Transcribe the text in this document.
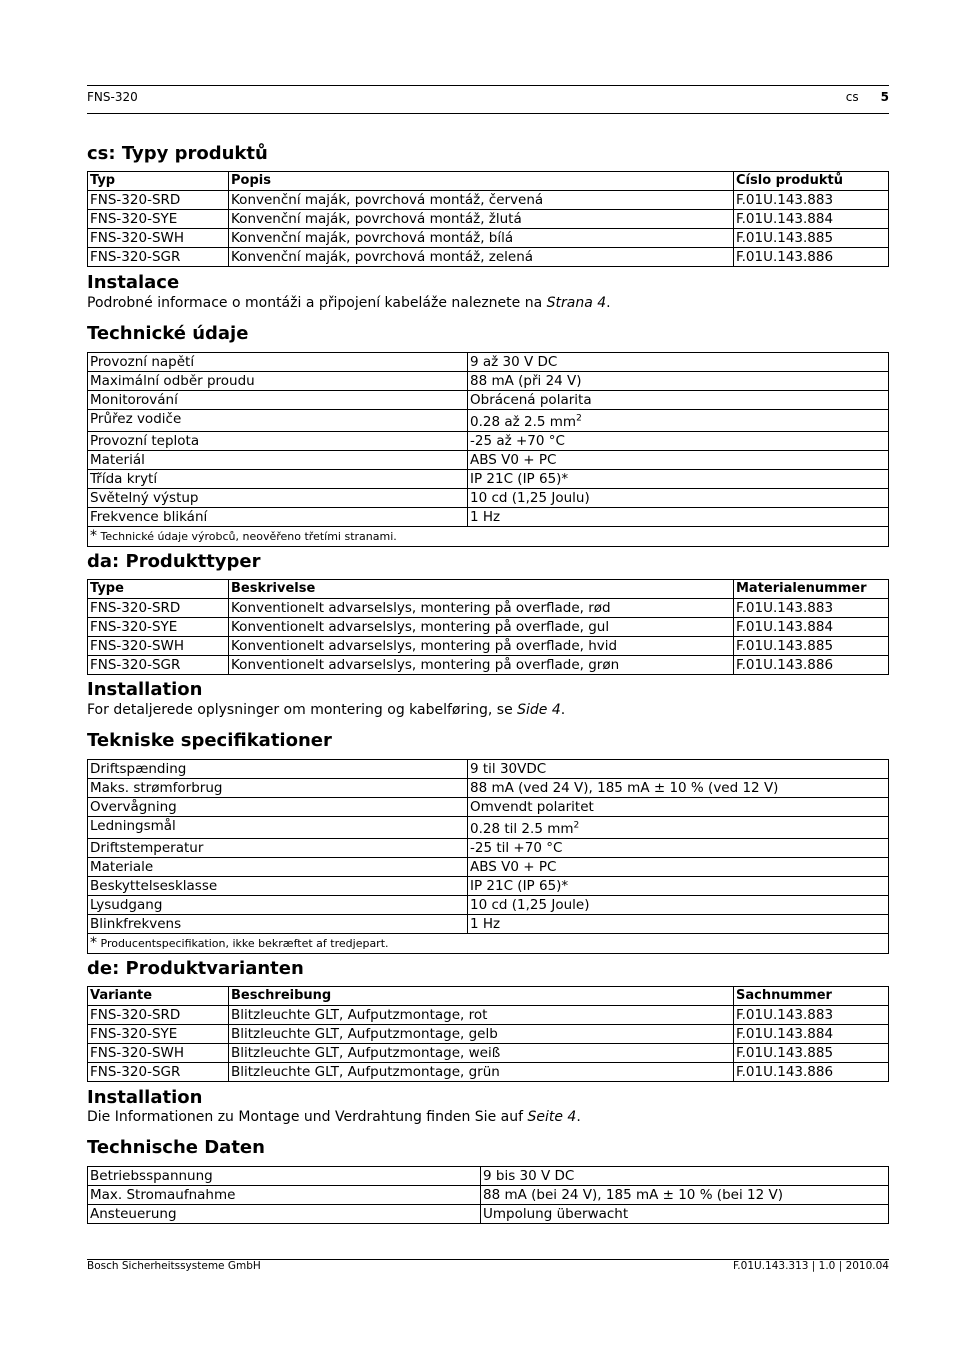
FNS-320	cs 5
cs: Typy produktů
Typ	Popis	Císlo produktů
FNS-320-SRD	Konvenční maják, povrchová montáž, červená	F.01U.143.883
FNS-320-SYE	Konvenční maják, povrchová montáž, žlutá	F.01U.143.884
FNS-320-SWH	Konvenční maják, povrchová montáž, bílá	F.01U.143.885
FNS-320-SGR	Konvenční maják, povrchová montáž, zelená	F.01U.143.886
Instalace

Podrobné informace o montáži a připojení kabeláže naleznete na Strana 4.

Technické údaje
Provozní napětí	9 až 30 V DC
Maximální odběr proudu	88 mA (při 24 V)
Monitorování	Obrácená polarita
Průřez vodiče	0.28 až 2.5 $mm^2$
Provozní teplota	-25 až +70 °C
Materiál	ABS V0 + PC
Třída krytí	IP 21C (IP 65)*
Světelný výstup	10 cd (1,25 Joulu)
Frekvence blikání	1 Hz
* Technické údaje výrobců, neověřeno třetími stranami.	
da: Produkttyper
Type	Beskrivelse	Materialenummer
FNS-320-SRD	Konventionelt advarselslys, montering på overflade, rød	F.01U.143.883
FNS-320-SYE	Konventionelt advarselslys, montering på overflade, gul	F.01U.143.884
FNS-320-SWH	Konventionelt advarselslys, montering på overflade, hvid	F.01U.143.885
FNS-320-SGR	Konventionelt advarselslys, montering på overflade, grøn	F.01U.143.886
Installation

For detaljerede oplysninger om montering og kabelføring, se Side 4.

Tekniske specifikationer
Driftspænding	9 til 30VDC
Maks. strømforbrug	88 mA (ved 24 V), 185 mA ± 10 % (ved 12 V)
Overvågning	Omvendt polaritet
Ledningsmål	0.28 til 2.5 $mm^2$
Driftstemperatur	-25 til +70 °C
Materiale	ABS V0 + PC
Beskyttelsesklasse	IP 21C (IP 65)*
Lysudgang	10 cd (1,25 Joule)
Blinkfrekvens	1 Hz
* Producentspecifikation, ikke bekræftet af tredjepart.	
de: Produktvarianten
Variante	Beschreibung	Sachnummer
FNS-320-SRD	Blitzleuchte GLT, Aufputzmontage, rot	F.01U.143.883
FNS-320-SYE	Blitzleuchte GLT, Aufputzmontage, gelb	F.01U.143.884
FNS-320-SWH	Blitzleuchte GLT, Aufputzmontage, weiß	F.01U.143.885
FNS-320-SGR	Blitzleuchte GLT, Aufputzmontage, grün	F.01U.143.886
Installation

Die Informationen zu Montage und Verdrahtung finden Sie auf Seite 4.

Technische Daten
Betriebsspannung	9 bis 30 V DC
Max. Stromaufnahme	88 mA (bei 24 V), 185 mA ± 10 % (bei 12 V)
Ansteuerung	Umpolung überwacht
Bosch Sicherheitssysteme GmbH	F.01U.143.313 | 1.0 | 2010.04
